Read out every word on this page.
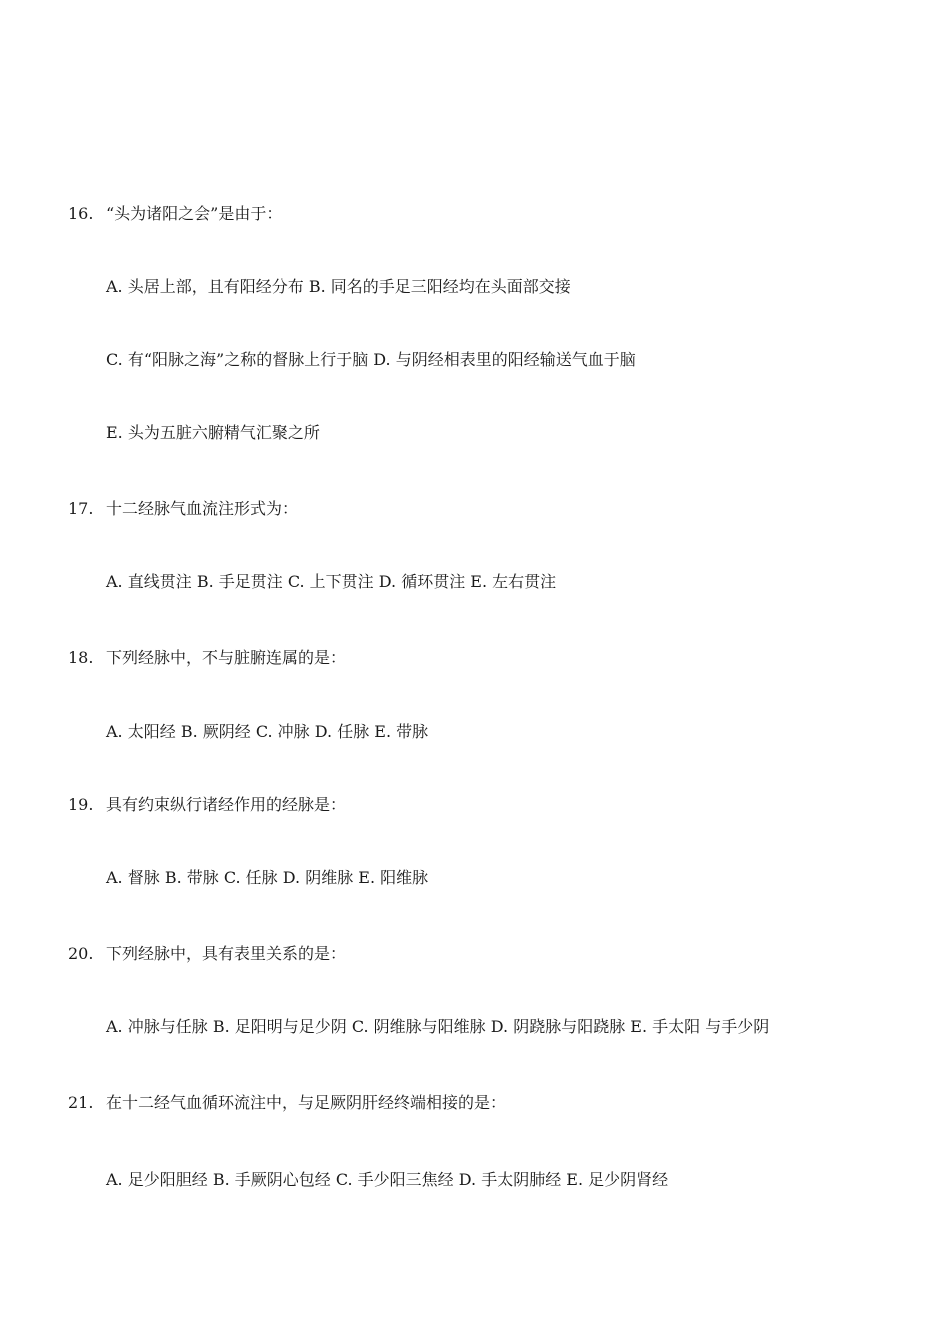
16. “头为诸阳之会”是由于：
A. 头居上部，且有阳经分布 B. 同名的手足三阳经均在头面部交接
C. 有“阳脉之海”之称的督脉上行于脑 D. 与阴经相表里的阳经输送气血于脑
E. 头为五脏六腑精气汇聚之所
17. 十二经脉气血流注形式为：
A. 直线贯注 B. 手足贯注 C. 上下贯注 D. 循环贯注 E. 左右贯注
18. 下列经脉中，不与脏腑连属的是：
A. 太阳经 B. 厥阴经 C. 冲脉 D. 任脉 E. 带脉
19. 具有约束纵行诸经作用的经脉是：
A. 督脉 B. 带脉 C. 任脉 D. 阴维脉 E. 阳维脉
20. 下列经脉中，具有表里关系的是：
A. 冲脉与任脉 B. 足阳明与足少阴 C. 阴维脉与阳维脉 D. 阴跷脉与阳跷脉 E. 手太阳 与手少阴
21. 在十二经气血循环流注中，与足厥阴肝经终端相接的是：
A. 足少阳胆经 B. 手厥阴心包经 C. 手少阳三焦经 D. 手太阴肺经 E. 足少阴肾经
